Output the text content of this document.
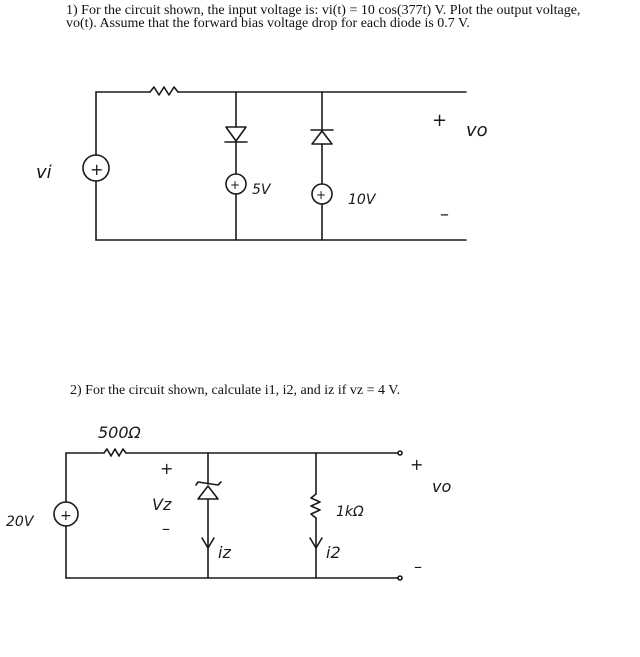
1) For the circuit shown, the input voltage is: vi(t) = 10 cos(377t) V. Plot the output voltage,
vo(t). Assume that the forward bias voltage drop for each diode is 0.7 V.
2) For the circuit shown, calculate i1, i2, and iz if vz = 4 V.
vi +
+ 5V	+ 10V
+ vo
–
500Ω
20V +
+
Vz
–
iz
1kΩ
i2
+
vo
–
